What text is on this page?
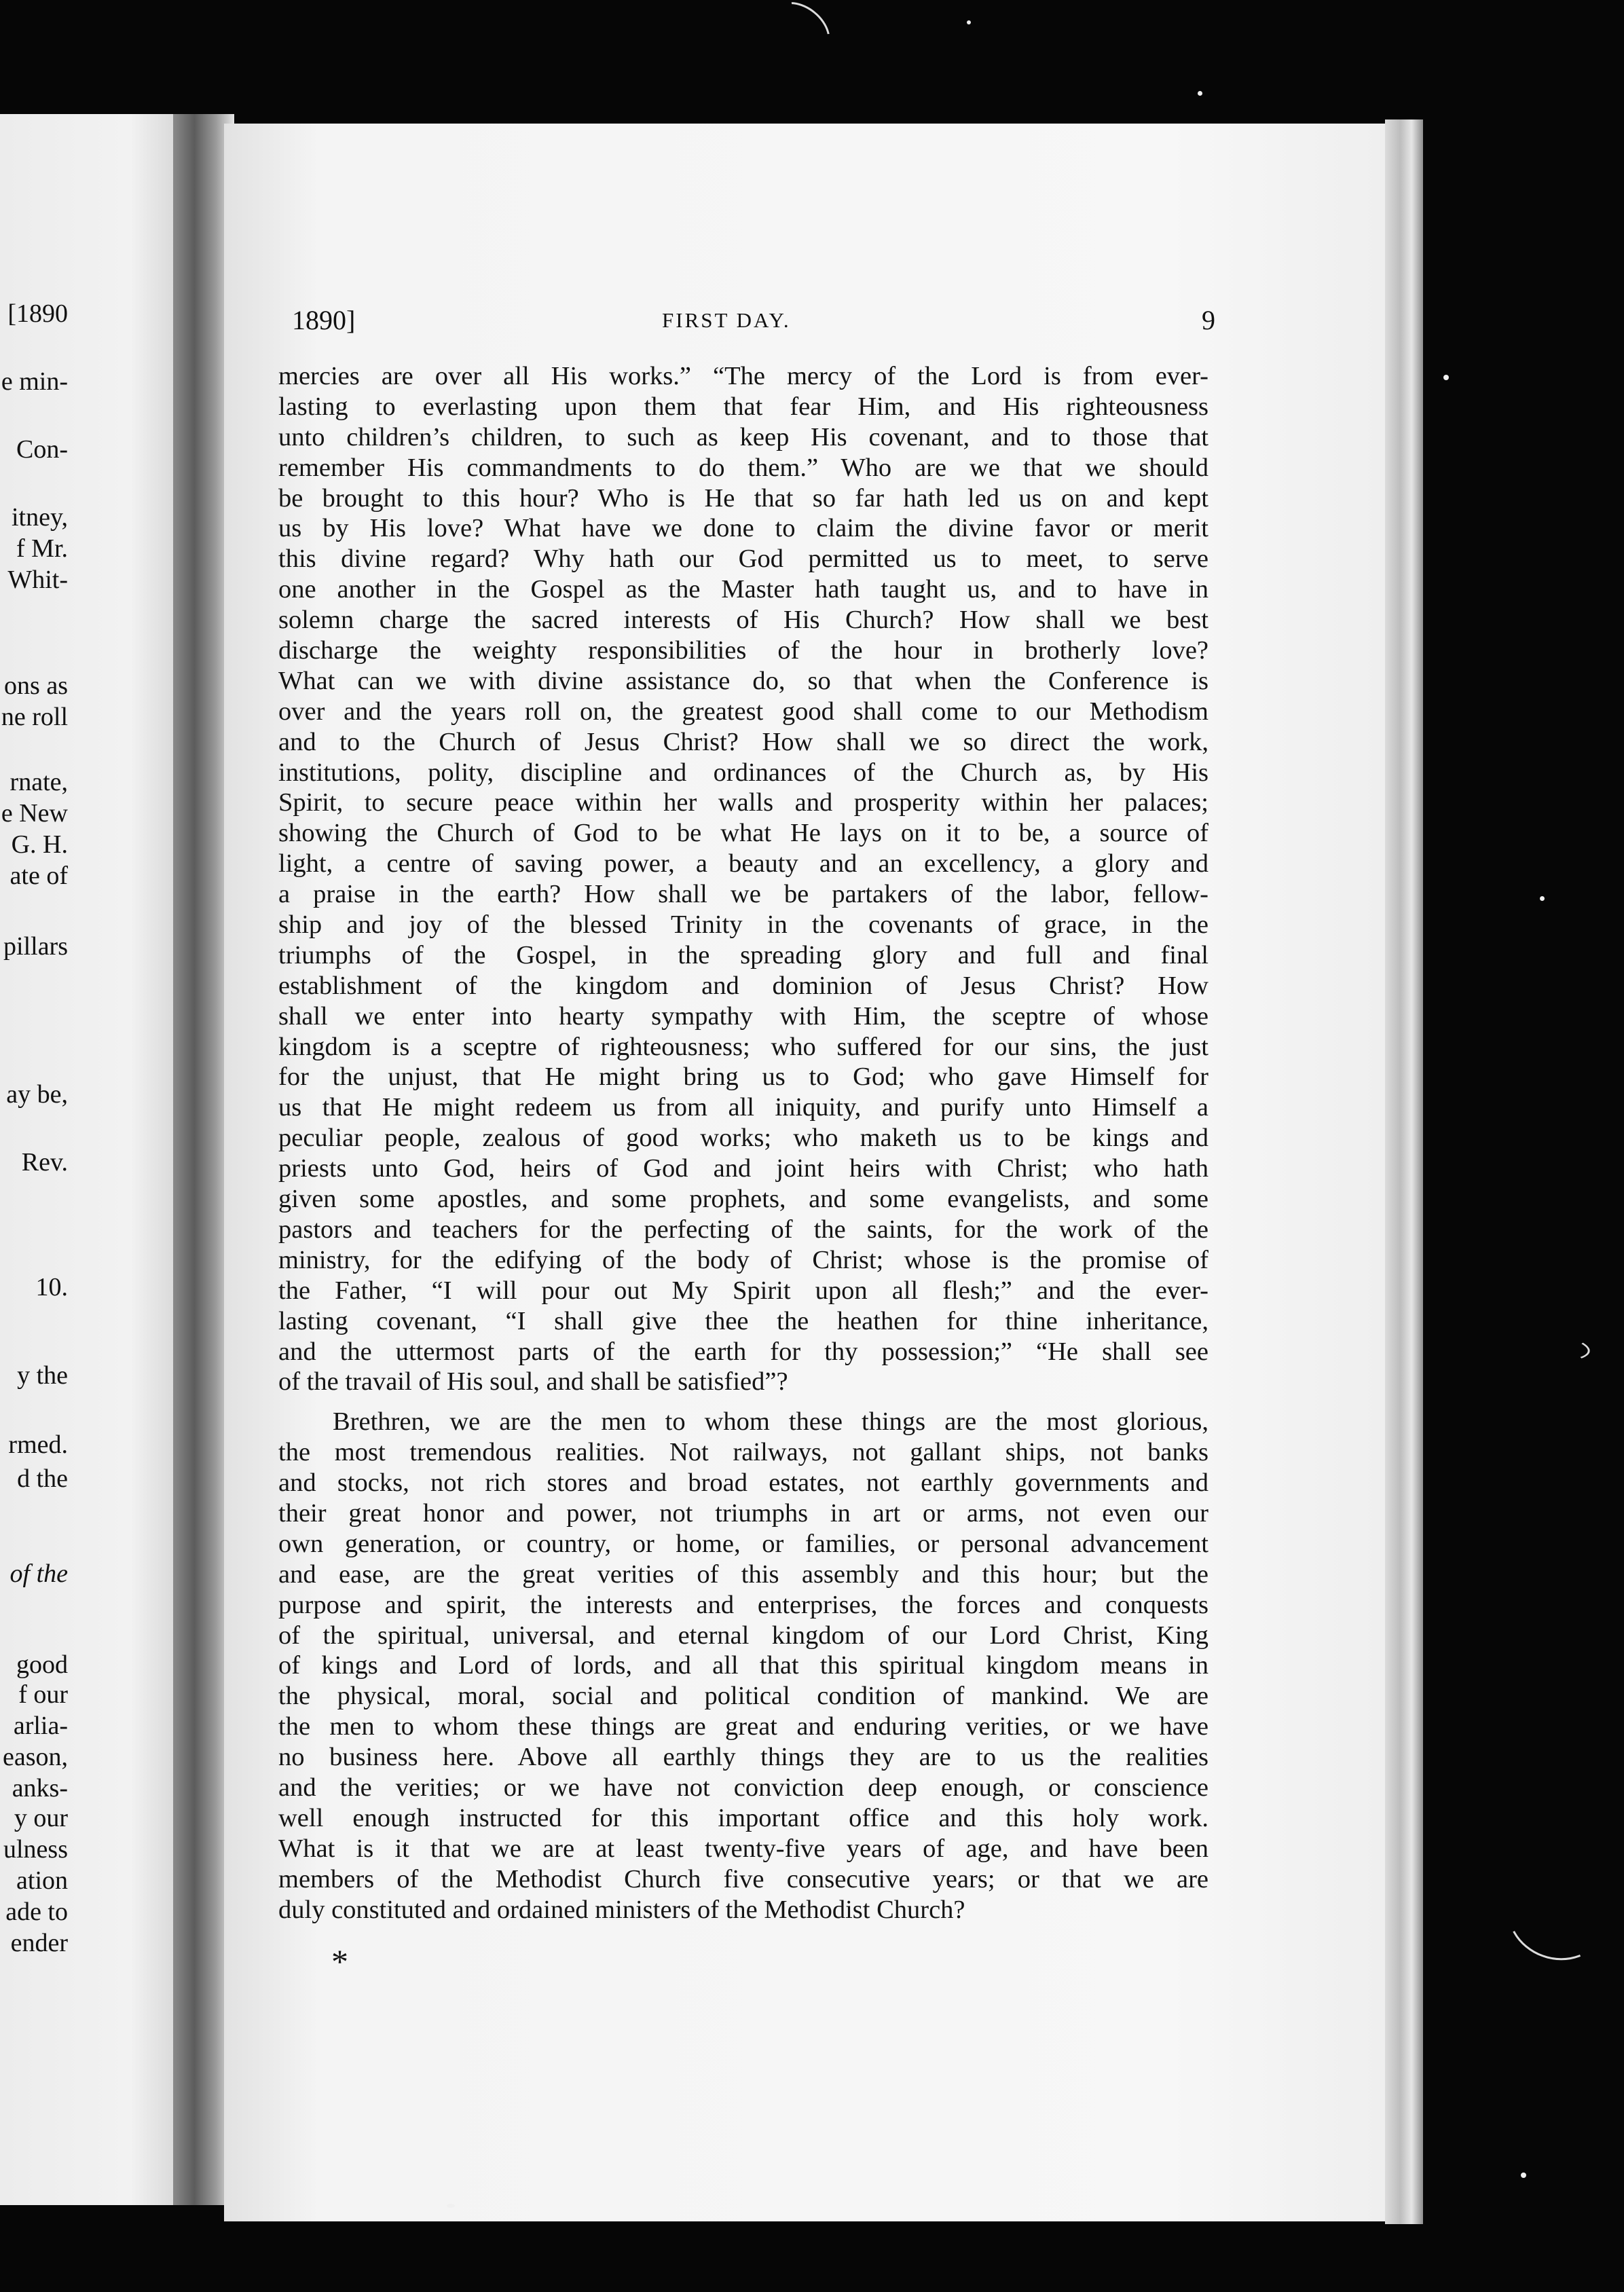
[1890
e min-
Con-
itney,
f Mr.
Whit-
ons as
ne roll
rnate,
e New
G. H.
ate of
pillars
ay be,
Rev.
10.
y the
rmed.
d the
of the
good
f our
arlia-
eason,
anks-
y our
ulness
ation
ade to
ender
1890]	FIRST DAY.	9
mercies are over all His works.” “The mercy of the Lord is from ever-
lasting to everlasting upon them that fear Him, and His righteousness
unto children’s children, to such as keep His covenant, and to those that
remember His commandments to do them.” Who are we that we should
be brought to this hour? Who is He that so far hath led us on and kept
us by His love? What have we done to claim the divine favor or merit
this divine regard? Why hath our God permitted us to meet, to serve
one another in the Gospel as the Master hath taught us, and to have in
solemn charge the sacred interests of His Church? How shall we best
discharge the weighty responsibilities of the hour in brotherly love?
What can we with divine assistance do, so that when the Conference is
over and the years roll on, the greatest good shall come to our Methodism
and to the Church of Jesus Christ? How shall we so direct the work,
institutions, polity, discipline and ordinances of the Church as, by His
Spirit, to secure peace within her walls and prosperity within her palaces;
showing the Church of God to be what He lays on it to be, a source of
light, a centre of saving power, a beauty and an excellency, a glory and
a praise in the earth? How shall we be partakers of the labor, fellow-
ship and joy of the blessed Trinity in the covenants of grace, in the
triumphs of the Gospel, in the spreading glory and full and final
establishment of the kingdom and dominion of Jesus Christ? How
shall we enter into hearty sympathy with Him, the sceptre of whose
kingdom is a sceptre of righteousness; who suffered for our sins, the just
for the unjust, that He might bring us to God; who gave Himself for
us that He might redeem us from all iniquity, and purify unto Himself a
peculiar people, zealous of good works; who maketh us to be kings and
priests unto God, heirs of God and joint heirs with Christ; who hath
given some apostles, and some prophets, and some evangelists, and some
pastors and teachers for the perfecting of the saints, for the work of the
ministry, for the edifying of the body of Christ; whose is the promise of
the Father, “I will pour out My Spirit upon all flesh;” and the ever-
lasting covenant, “I shall give thee the heathen for thine inheritance,
and the uttermost parts of the earth for thy possession;” “He shall see
of the travail of His soul, and shall be satisfied”?
Brethren, we are the men to whom these things are the most glorious,
the most tremendous realities. Not railways, not gallant ships, not banks
and stocks, not rich stores and broad estates, not earthly governments and
their great honor and power, not triumphs in art or arms, not even our
own generation, or country, or home, or families, or personal advancement
and ease, are the great verities of this assembly and this hour; but the
purpose and spirit, the interests and enterprises, the forces and conquests
of the spiritual, universal, and eternal kingdom of our Lord Christ, King
of kings and Lord of lords, and all that this spiritual kingdom means in
the physical, moral, social and political condition of mankind. We are
the men to whom these things are great and enduring verities, or we have
no business here. Above all earthly things they are to us the realities
and the verities; or we have not conviction deep enough, or conscience
well enough instructed for this important office and this holy work.
What is it that we are at least twenty-five years of age, and have been
members of the Methodist Church five consecutive years; or that we are
duly constituted and ordained ministers of the Methodist Church?
*
